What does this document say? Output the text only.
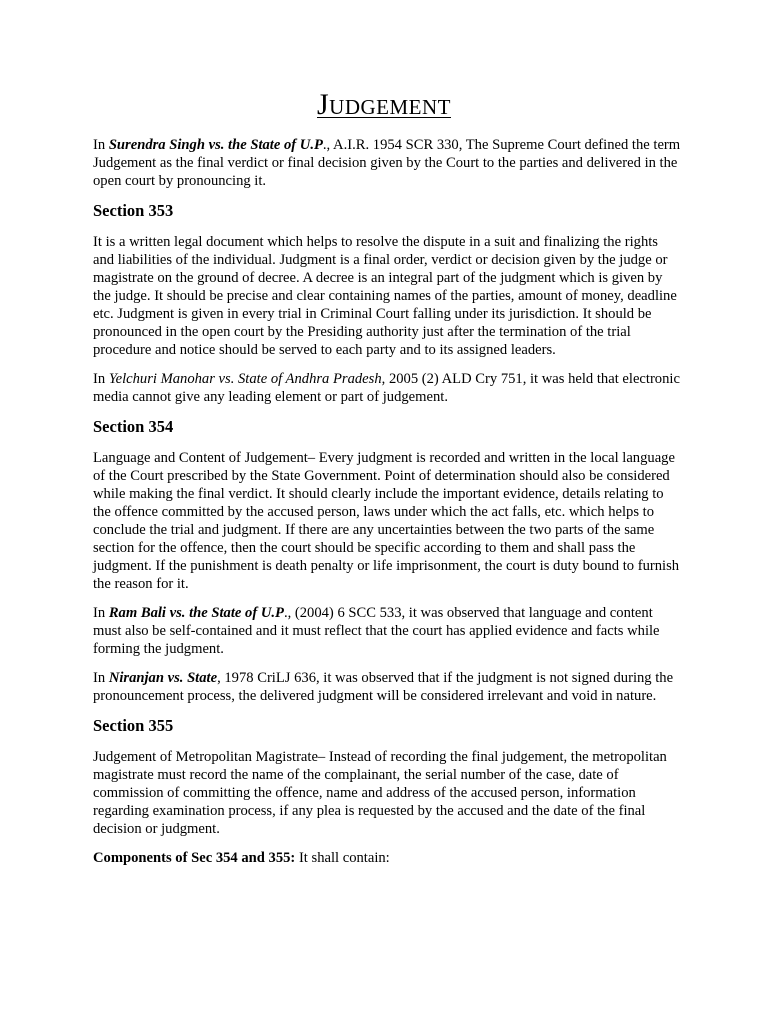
Judgement

In Surendra Singh vs. the State of U.P., A.I.R. 1954 SCR 330, The Supreme Court defined the term Judgement as the final verdict or final decision given by the Court to the parties and delivered in the open court by pronouncing it.

Section 353

It is a written legal document which helps to resolve the dispute in a suit and finalizing the rights and liabilities of the individual. Judgment is a final order, verdict or decision given by the judge or magistrate on the ground of decree. A decree is an integral part of the judgment which is given by the judge. It should be precise and clear containing names of the parties, amount of money, deadline etc. Judgment is given in every trial in Criminal Court falling under its jurisdiction. It should be pronounced in the open court by the Presiding authority just after the termination of the trial procedure and notice should be served to each party and to its assigned leaders.

In Yelchuri Manohar vs. State of Andhra Pradesh, 2005 (2) ALD Cry 751, it was held that electronic media cannot give any leading element or part of judgement.

Section 354

Language and Content of Judgement– Every judgment is recorded and written in the local language of the Court prescribed by the State Government. Point of determination should also be considered while making the final verdict. It should clearly include the important evidence, details relating to the offence committed by the accused person, laws under which the act falls, etc. which helps to conclude the trial and judgment. If there are any uncertainties between the two parts of the same section for the offence, then the court should be specific according to them and shall pass the judgment. If the punishment is death penalty or life imprisonment, the court is duty bound to furnish the reason for it.

In Ram Bali vs. the State of U.P., (2004) 6 SCC 533, it was observed that language and content must also be self-contained and it must reflect that the court has applied evidence and facts while forming the judgment.

In Niranjan vs. State, 1978 CriLJ 636, it was observed that if the judgment is not signed during the pronouncement process, the delivered judgment will be considered irrelevant and void in nature.

Section 355

Judgement of Metropolitan Magistrate– Instead of recording the final judgement, the metropolitan magistrate must record the name of the complainant, the serial number of the case, date of commission of committing the offence, name and address of the accused person, information regarding examination process, if any plea is requested by the accused and the date of the final decision or judgment.

Components of Sec 354 and 355: It shall contain:
